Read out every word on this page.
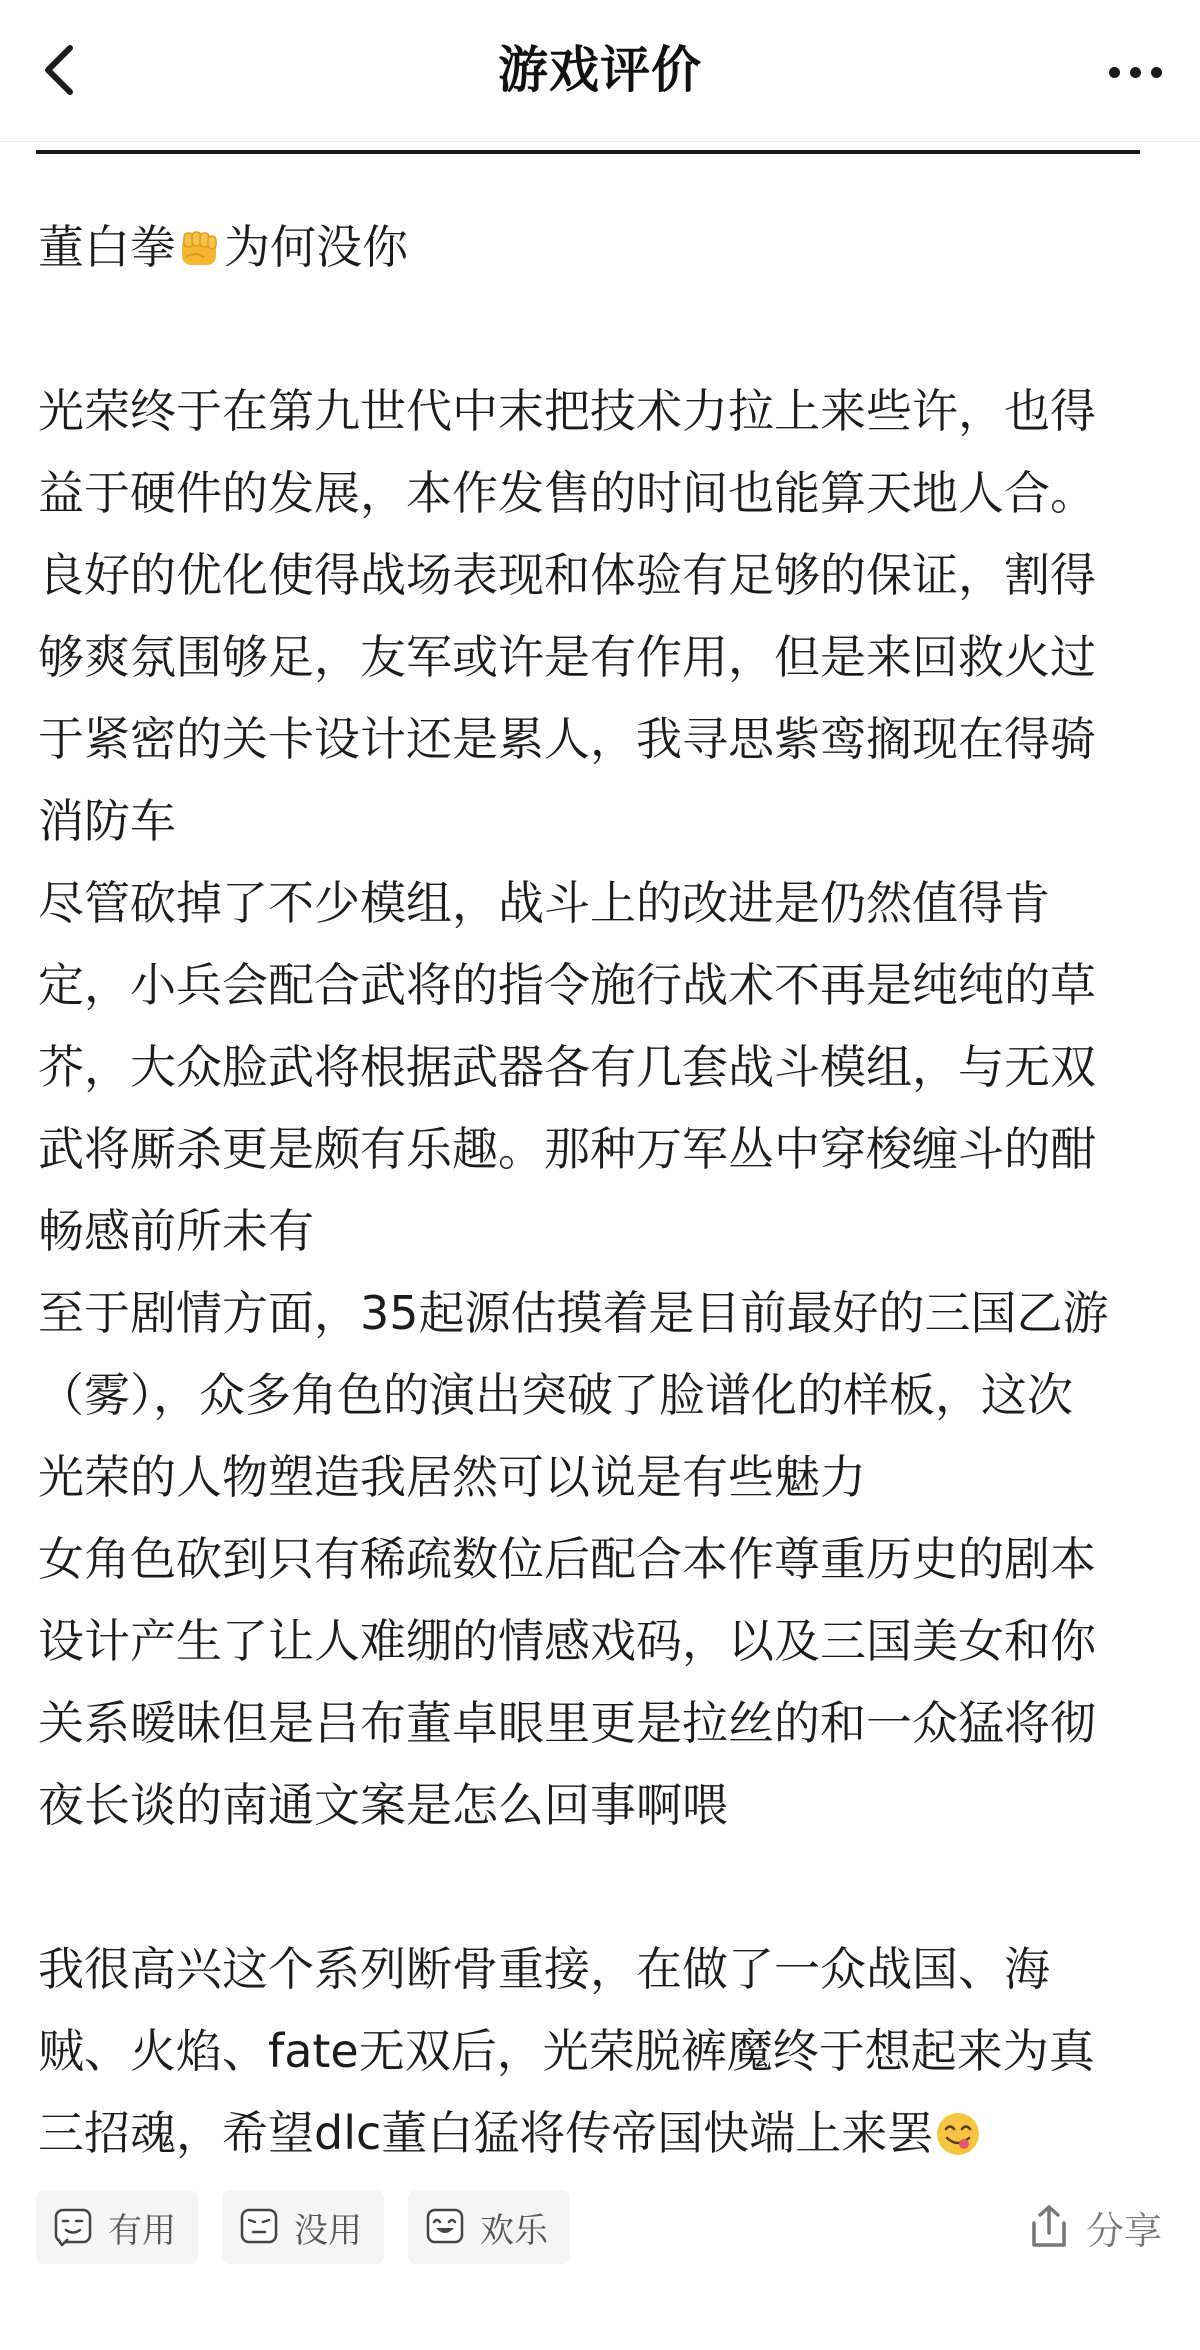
游戏评价

董白拳 为何没你

光荣终于在第九世代中末把技术力拉上来些许，也得

益于硬件的发展，本作发售的时间也能算天地人合。

良好的优化使得战场表现和体验有足够的保证，割得

够爽氛围够足，友军或许是有作用，但是来回救火过

于紧密的关卡设计还是累人，我寻思紫鸾搁现在得骑

消防车

尽管砍掉了不少模组，战斗上的改进是仍然值得肯

定，小兵会配合武将的指令施行战术不再是纯纯的草

芥，大众脸武将根据武器各有几套战斗模组，与无双

武将厮杀更是颇有乐趣。那种万军丛中穿梭缠斗的酣

畅感前所未有

至于剧情方面，35起源估摸着是目前最好的三国乙游

（雾），众多角色的演出突破了脸谱化的样板，这次

光荣的人物塑造我居然可以说是有些魅力

女角色砍到只有稀疏数位后配合本作尊重历史的剧本

设计产生了让人难绷的情感戏码，以及三国美女和你

关系暧昧但是吕布董卓眼里更是拉丝的和一众猛将彻

夜长谈的南通文案是怎么回事啊喂

我很高兴这个系列断骨重接，在做了一众战国、海

贼、火焰、fate无双后，光荣脱裤魔终于想起来为真

三招魂，希望dlc董白猛将传帝国快端上来罢

有用	没用	欢乐	分享
